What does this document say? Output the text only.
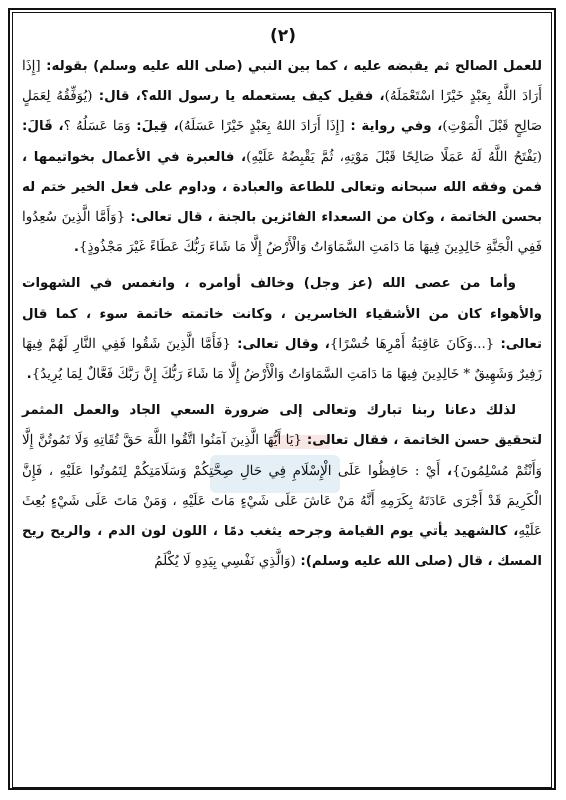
(٢)

للعمل الصالح ثم يقبضه عليه ، كما بين النبي (صلى الله عليه وسلم) بقوله: [إِذَا أَرَادَ اللَّهُ بِعَبْدٍ خَيْرًا اسْتَعْمَلَهُ)، فقيل كيف يستعمله يا رسول الله؟، قال: (يُوَفِّقُهُ لِعَمَلٍ صَالِحٍ قَبْلَ الْمَوْتِ)، وفي رواية : [إِذَا أَرَادَ اللهُ بِعَبْدٍ خَيْرًا عَسَلَهُ)، قِيلَ: وَمَا عَسَلُهُ ؟، قَالَ: (يَفْتَحُ اللَّهُ لَهُ عَمَلًا صَالِحًا قَبْلَ مَوْتِهِ، ثُمَّ يَقْبِضُهُ عَلَيْهِ)، فالعبرة في الأعمال بخواتيمها ، فمن وفقه الله سبحانه وتعالى للطاعة والعبادة ، وداوم على فعل الخير ختم له بحسن الخاتمة ، وكان من السعداء الفائزين بالجنة ، قال تعالى: {وَأَمَّا الَّذِينَ سُعِدُوا فَفِي الْجَنَّةِ خَالِدِينَ فِيهَا مَا دَامَتِ السَّمَاوَاتُ وَالْأَرْضُ إِلَّا مَا شَاءَ رَبُّكَ عَطَاءً غَيْرَ مَجْذُوذٍ}.

وأما من عصى الله (عز وجل) وخالف أوامره ، وانغمس في الشهوات والأهواء كان من الأشقياء الخاسرين ، وكانت خاتمته خاتمة سوء ، كما قال تعالى: {...وَكَانَ عَاقِبَةُ أَمْرِهَا خُسْرًا}، وقال تعالى: {فَأَمَّا الَّذِينَ شَقُوا فَفِي النَّارِ لَهُمْ فِيهَا زَفِيرٌ وَشَهِيقٌ * خَالِدِينَ فِيهَا مَا دَامَتِ السَّمَاوَاتُ وَالْأَرْضُ إِلَّا مَا شَاءَ رَبُّكَ إِنَّ رَبَّكَ فَعَّالٌ لِمَا يُرِيدُ}.

لذلك دعانا ربنا تبارك وتعالى إلى ضرورة السعي الجاد والعمل المثمر لتحقيق حسن الخاتمة ، فقال تعالى: {يَا أَيُّهَا الَّذِينَ آمَنُوا اتَّقُوا اللَّهَ حَقَّ تُقَاتِهِ وَلَا تَمُوتُنَّ إِلَّا وَأَنْتُمْ مُسْلِمُونَ}، أَيْ : حَافِظُوا عَلَى الْإِسْلَامِ فِي حَالِ صِحَّتِكُمْ وَسَلَامَتِكُمْ لِتَمُوتُوا عَلَيْهِ ، فَإِنَّ الْكَرِيمَ قَدْ أَجْرَى عَادَتَهُ بِكَرَمِهِ أَنَّهُ مَنْ عَاشَ عَلَى شَيْءٍ مَاتَ عَلَيْهِ ، وَمَنْ مَاتَ عَلَى شَيْءٍ بُعِثَ عَلَيْهِ، كالشهيد يأتي يوم القيامة وجرحه يثغب دمًا ، اللون لون الدم ، والريح ريح المسك ، قال (صلى الله عليه وسلم): (وَالَّذِي نَفْسِي بِيَدِهِ لَا يُكْلَمُ
